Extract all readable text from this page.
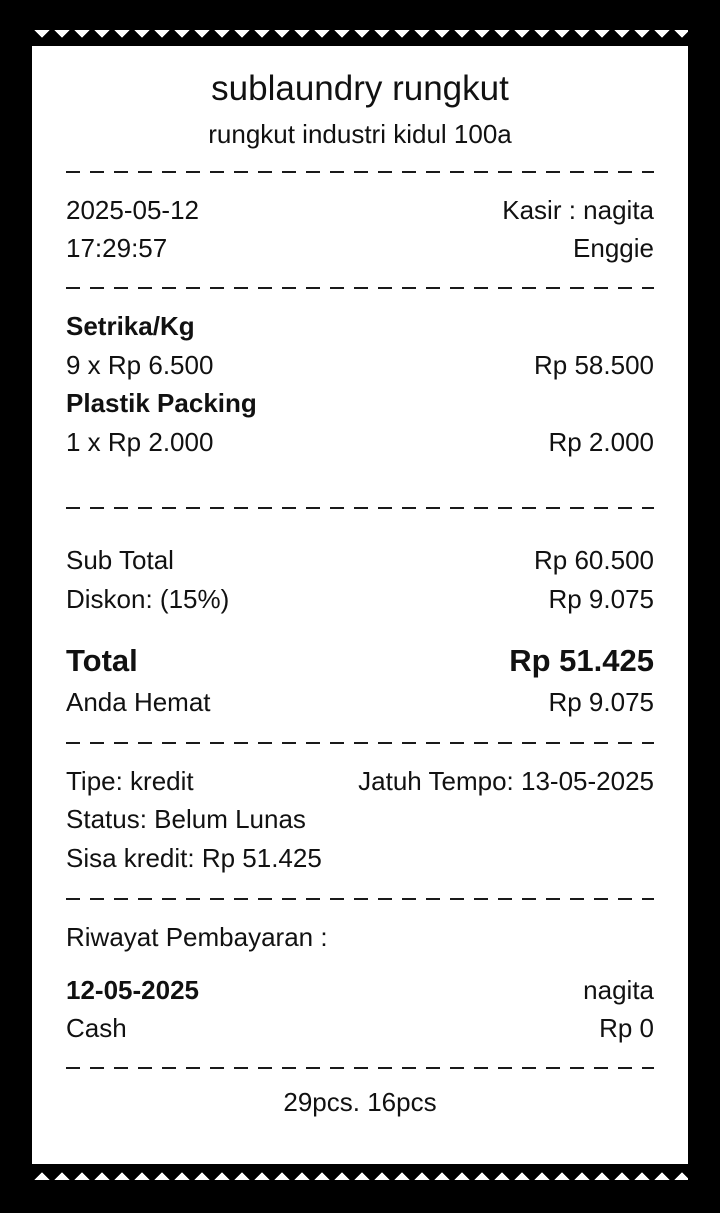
sublaundry rungkut
rungkut industri kidul 100a
2025-05-12	Kasir : nagita
17:29:57	Enggie
Setrika/Kg
9 x Rp 6.500	Rp 58.500
Plastik Packing
1 x Rp 2.000	Rp 2.000
Sub Total	Rp 60.500
Diskon: (15%)	Rp 9.075
Total	Rp 51.425
Anda Hemat	Rp 9.075
Tipe: kredit	Jatuh Tempo: 13-05-2025
Status: Belum Lunas
Sisa kredit: Rp 51.425
Riwayat Pembayaran :
12-05-2025	nagita
Cash	Rp 0
29pcs. 16pcs
